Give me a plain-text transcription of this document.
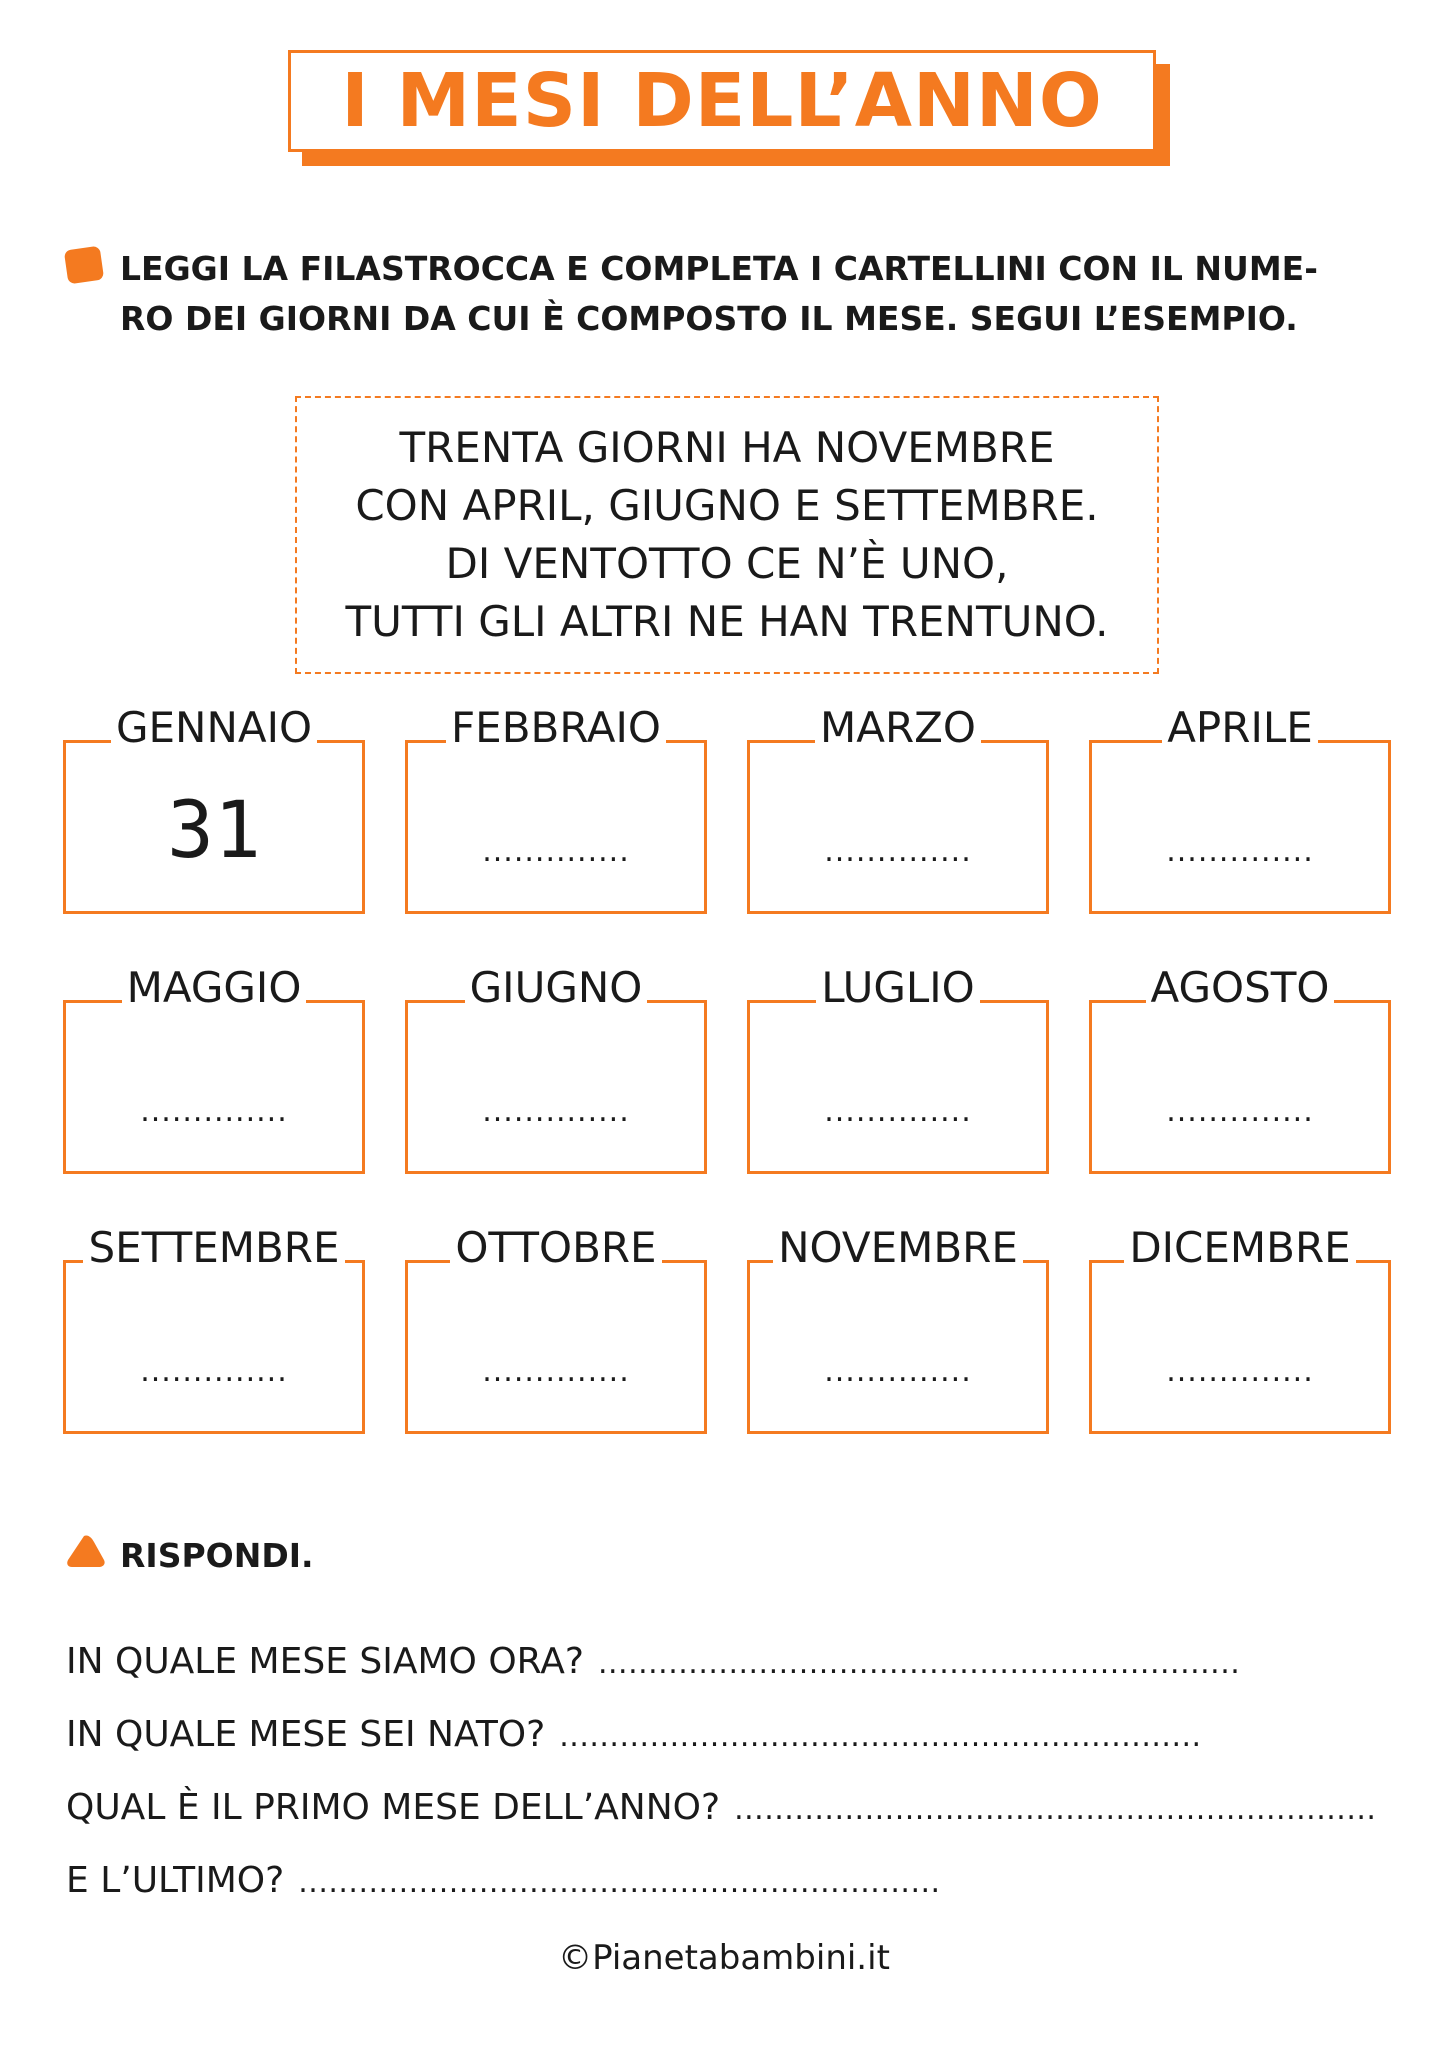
I MESI DELL’ANNO
LEGGI LA FILASTROCCA E COMPLETA I CARTELLINI CON IL NUME-
RO DEI GIORNI DA CUI È COMPOSTO IL MESE. SEGUI L’ESEMPIO.
TRENTA GIORNI HA NOVEMBRE
CON APRIL, GIUGNO E SETTEMBRE.
DI VENTOTTO CE N’È UNO,
TUTTI GLI ALTRI NE HAN TRENTUNO.
GENNAIO
31
FEBBRAIO
..............
MARZO
..............
APRILE
..............
MAGGIO
..............
GIUGNO
..............
LUGLIO
..............
AGOSTO
..............
SETTEMBRE
..............
OTTOBRE
..............
NOVEMBRE
..............
DICEMBRE
..............
RISPONDI.
IN QUALE MESE SIAMO ORA? ................................................................
IN QUALE MESE SEI NATO? ................................................................
QUAL È IL PRIMO MESE DELL’ANNO? ................................................................
E L’ULTIMO? ................................................................
©Pianetabambini.it
